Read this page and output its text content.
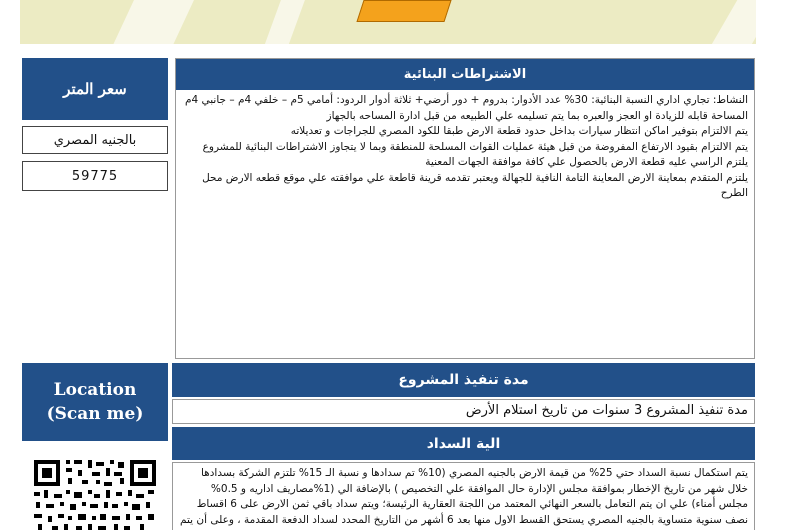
سعر المتر
بالجنيه المصري
59775
Location
(Scan me)
الاشتراطات البنائية

النشاط: تجاري اداري النسبة البنائية: 30% عدد الأدوار: بدروم + دور أرضي+ ثلاثة أدوار الردود: أمامي 5م – خلفي 4م – جانبي 4م

المساحة قابله للزيادة او العجز والعبره بما يتم تسليمه علي الطبيعه من قبل ادارة المساحه بالجهاز

يتم الالتزام بتوفير اماكن انتظار سيارات بداخل حدود قطعة الارض طبقا للكود المصري للجراجات و تعديلاته

يتم الالتزام بقيود الارتفاع المفروضة من قبل هيئة عمليات القوات المسلحة للمنطقة وبما لا يتجاوز الاشتراطات البنائية للمشروع

يلتزم الراسي عليه قطعة الارض بالحصول علي كافة موافقة الجهات المعنية

يلتزم المتقدم بمعاينة الارض المعاينة التامة النافية للجهالة ويعتبر تقدمه قرينة قاطعة علي موافقته علي موقع قطعه الارض محل الطرح

مدة تنفيذ المشروع
مدة تنفيذ المشروع 3 سنوات من تاريخ استلام الأرض
الية السداد

يتم استكمال نسبة السداد حتي 25% من قيمة الارض بالجنيه المصري (10% تم سدادها و نسبة الـ 15% تلتزم الشركة بسدادها خلال شهر من تاريخ الإخطار بموافقة مجلس الإدارة حال الموافقة علي التخصيص ) بالإضافة الي (1%مصاريف اداريه و 0.5% مجلس أمناء) علي ان يتم التعامل بالسعر النهائي المعتمد من اللجنة العقارية الرئيسة؛ ويتم سداد باقي ثمن الارض على 6 اقساط نصف سنوية متساوية بالجنيه المصري يستحق القسط الاول منها بعد 6 أشهر من التاريخ المحدد لسداد الدفعة المقدمة ، وعلى أن يتم
